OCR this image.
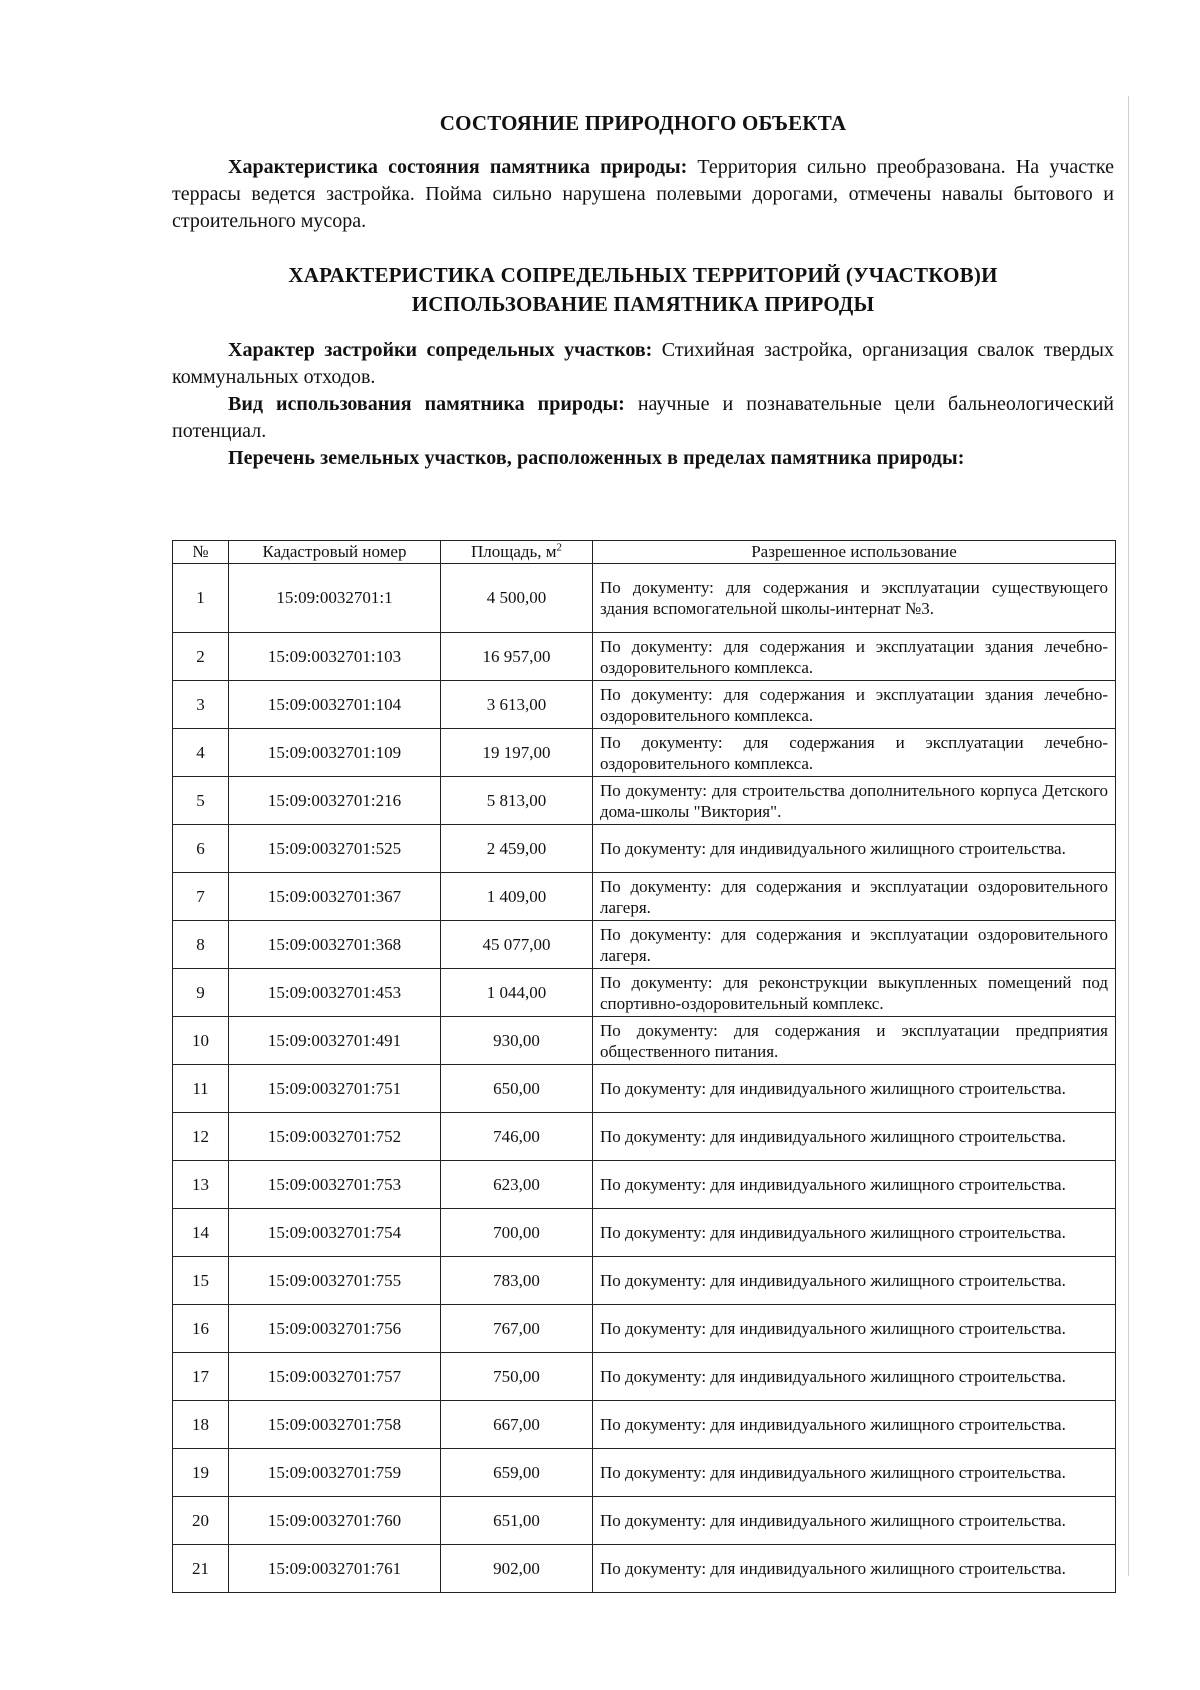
СОСТОЯНИЕ ПРИРОДНОГО ОБЪЕКТА

Характеристика состояния памятника природы: Территория сильно преобразована. На участке террасы ведется застройка. Пойма сильно нарушена полевыми дорогами, отмечены навалы бытового и строительного мусора.

ХАРАКТЕРИСТИКА СОПРЕДЕЛЬНЫХ ТЕРРИТОРИЙ (УЧАСТКОВ)И
ИСПОЛЬЗОВАНИЕ ПАМЯТНИКА ПРИРОДЫ

Характер застройки сопредельных участков: Стихийная застройка, организация свалок твердых коммунальных отходов.

Вид использования памятника природы: научные и познавательные цели бальнеологический потенциал.

Перечень земельных участков, расположенных в пределах памятника природы:

№	Кадастровый номер	Площадь, $м^2$	Разрешенное использование
1	15:09:0032701:1	4 500,00	По документу: для содержания и эксплуатации существующего здания вспомогательной школы-интернат №3.
2	15:09:0032701:103	16 957,00	По документу: для содержания и эксплуатации здания лечебно-оздоровительного комплекса.
3	15:09:0032701:104	3 613,00	По документу: для содержания и эксплуатации здания лечебно-оздоровительного комплекса.
4	15:09:0032701:109	19 197,00	По документу: для содержания и эксплуатации лечебно-оздоровительного комплекса.
5	15:09:0032701:216	5 813,00	По документу: для строительства дополнительного корпуса Детского дома-школы "Виктория".
6	15:09:0032701:525	2 459,00	По документу: для индивидуального жилищного строительства.
7	15:09:0032701:367	1 409,00	По документу: для содержания и эксплуатации оздоровительного лагеря.
8	15:09:0032701:368	45 077,00	По документу: для содержания и эксплуатации оздоровительного лагеря.
9	15:09:0032701:453	1 044,00	По документу: для реконструкции выкупленных помещений под спортивно-оздоровительный комплекс.
10	15:09:0032701:491	930,00	По документу: для содержания и эксплуатации предприятия общественного питания.
11	15:09:0032701:751	650,00	По документу: для индивидуального жилищного строительства.
12	15:09:0032701:752	746,00	По документу: для индивидуального жилищного строительства.
13	15:09:0032701:753	623,00	По документу: для индивидуального жилищного строительства.
14	15:09:0032701:754	700,00	По документу: для индивидуального жилищного строительства.
15	15:09:0032701:755	783,00	По документу: для индивидуального жилищного строительства.
16	15:09:0032701:756	767,00	По документу: для индивидуального жилищного строительства.
17	15:09:0032701:757	750,00	По документу: для индивидуального жилищного строительства.
18	15:09:0032701:758	667,00	По документу: для индивидуального жилищного строительства.
19	15:09:0032701:759	659,00	По документу: для индивидуального жилищного строительства.
20	15:09:0032701:760	651,00	По документу: для индивидуального жилищного строительства.
21	15:09:0032701:761	902,00	По документу: для индивидуального жилищного строительства.
